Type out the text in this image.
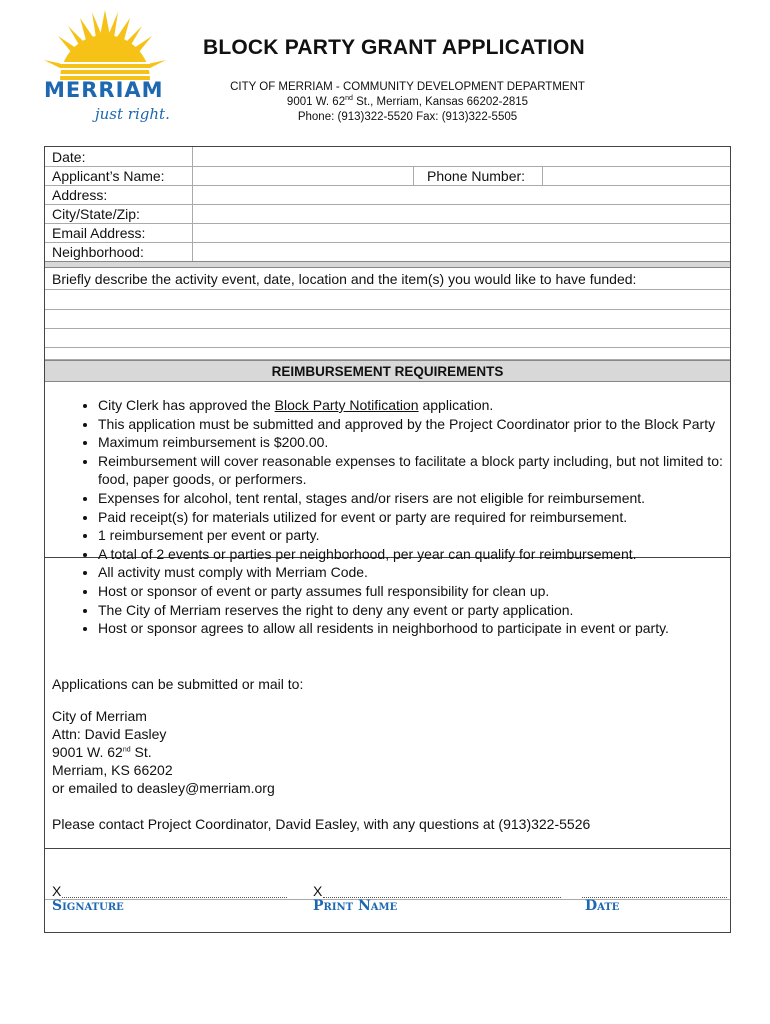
MERRIAM
just right.
BLOCK PARTY GRANT APPLICATION
CITY OF MERRIAM - COMMUNITY DEVELOPMENT DEPARTMENT
9001 W. 62nd St., Merriam, Kansas 66202-2815
Phone: (913)322-5520 Fax: (913)322-5505
Date:
Applicant’s Name:	Phone Number:
Address:
City/State/Zip:
Email Address:
Neighborhood:
Briefly describe the activity event, date, location and the item(s) you would like to have funded:
REIMBURSEMENT REQUIREMENTS
• City Clerk has approved the Block Party Notification application.
• This application must be submitted and approved by the Project Coordinator prior to the Block Party
• Maximum reimbursement is $200.00.
• Reimbursement will cover reasonable expenses to facilitate a block party including, but not limited to: food, paper goods, or performers.
• Expenses for alcohol, tent rental, stages and/or risers are not eligible for reimbursement.
• Paid receipt(s) for materials utilized for event or party are required for reimbursement.
• 1 reimbursement per event or party.
• A total of 2 events or parties per neighborhood, per year can qualify for reimbursement.
• All activity must comply with Merriam Code.
• Host or sponsor of event or party assumes full responsibility for clean up.
• The City of Merriam reserves the right to deny any event or party application.
• Host or sponsor agrees to allow all residents in neighborhood to participate in event or party.
Applications can be submitted or mail to:
City of Merriam
Attn: David Easley
9001 W. 62nd St.
Merriam, KS 66202
or emailed to deasley@merriam.org
Please contact Project Coordinator, David Easley, with any questions at (913)322-5526
X	X
Signature	Print Name	Date
